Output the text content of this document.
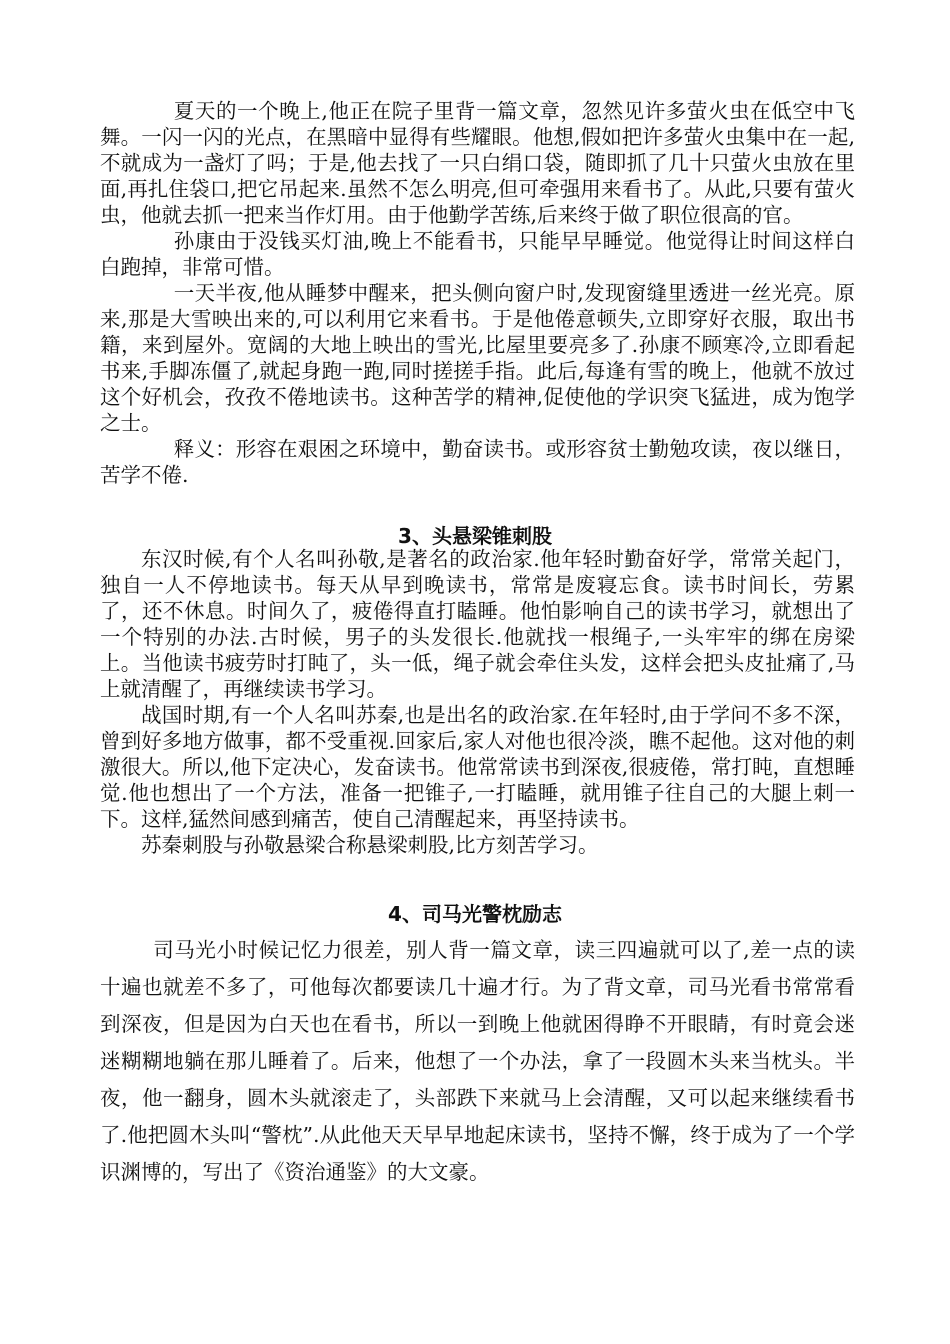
夏天的一个晚上,他正在院子里背一篇文章，忽然见许多萤火虫在低空中飞舞。一闪一闪的光点，在黑暗中显得有些耀眼。他想,假如把许多萤火虫集中在一起,不就成为一盏灯了吗；于是,他去找了一只白绢口袋，随即抓了几十只萤火虫放在里面,再扎住袋口,把它吊起来.虽然不怎么明亮,但可牵强用来看书了。从此,只要有萤火虫，他就去抓一把来当作灯用。由于他勤学苦练,后来终于做了职位很高的官。

孙康由于没钱买灯油,晚上不能看书，只能早早睡觉。他觉得让时间这样白白跑掉，非常可惜。

一天半夜,他从睡梦中醒来，把头侧向窗户时,发现窗缝里透进一丝光亮。原来,那是大雪映出来的,可以利用它来看书。于是他倦意顿失,立即穿好衣服，取出书籍，来到屋外。宽阔的大地上映出的雪光,比屋里要亮多了.孙康不顾寒冷,立即看起书来,手脚冻僵了,就起身跑一跑,同时搓搓手指。此后,每逢有雪的晚上，他就不放过这个好机会，孜孜不倦地读书。这种苦学的精神,促使他的学识突飞猛进，成为饱学之士。

释义：形容在艰困之环境中，勤奋读书。或形容贫士勤勉攻读，夜以继日，苦学不倦.

3、头悬梁锥刺股

东汉时候,有个人名叫孙敬,是著名的政治家.他年轻时勤奋好学，常常关起门，独自一人不停地读书。每天从早到晚读书，常常是废寝忘食。读书时间长，劳累了，还不休息。时间久了，疲倦得直打瞌睡。他怕影响自己的读书学习，就想出了一个特别的办法.古时候，男子的头发很长.他就找一根绳子,一头牢牢的绑在房梁上。当他读书疲劳时打盹了，头一低，绳子就会牵住头发，这样会把头皮扯痛了,马上就清醒了，再继续读书学习。

战国时期,有一个人名叫苏秦,也是出名的政治家.在年轻时,由于学问不多不深，曾到好多地方做事，都不受重视.回家后,家人对他也很冷淡，瞧不起他。这对他的刺激很大。所以,他下定决心，发奋读书。他常常读书到深夜,很疲倦，常打盹，直想睡觉.他也想出了一个方法，准备一把锥子,一打瞌睡，就用锥子往自己的大腿上刺一下。这样,猛然间感到痛苦，使自己清醒起来，再坚持读书。

苏秦刺股与孙敬悬梁合称悬梁刺股,比方刻苦学习。

4、司马光警枕励志

司马光小时候记忆力很差，别人背一篇文章，读三四遍就可以了,差一点的读十遍也就差不多了，可他每次都要读几十遍才行。为了背文章，司马光看书常常看到深夜，但是因为白天也在看书，所以一到晚上他就困得睁不开眼睛，有时竟会迷迷糊糊地躺在那儿睡着了。后来，他想了一个办法，拿了一段圆木头来当枕头。半夜，他一翻身，圆木头就滚走了，头部跌下来就马上会清醒，又可以起来继续看书了.他把圆木头叫“警枕”.从此他天天早早地起床读书，坚持不懈，终于成为了一个学识渊博的，写出了《资治通鉴》的大文豪。
